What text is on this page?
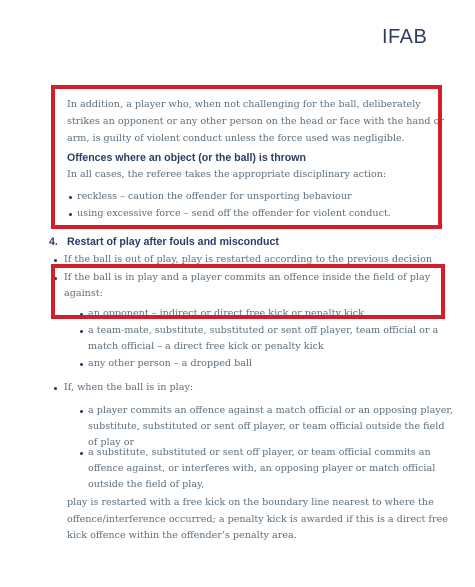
IFAB
In addition, a player who, when not challenging for the ball, deliberately
strikes an opponent or any other person on the head or face with the hand or
arm, is guilty of violent conduct unless the force used was negligible.
Offences where an object (or the ball) is thrown
In all cases, the referee takes the appropriate disciplinary action:
reckless – caution the offender for unsporting behaviour
using excessive force – send off the offender for violent conduct.
4. Restart of play after fouls and misconduct
If the ball is out of play, play is restarted according to the previous decision
If the ball is in play and a player commits an offence inside the field of play
against:
an opponent – indirect or direct free kick or penalty kick
a team-mate, substitute, substituted or sent off player, team official or a
match official – a direct free kick or penalty kick
any other person – a dropped ball
If, when the ball is in play:
a player commits an offence against a match official or an opposing player,
substitute, substituted or sent off player, or team official outside the field
of play or
a substitute, substituted or sent off player, or team official commits an
offence against, or interferes with, an opposing player or match official
outside the field of play,
play is restarted with a free kick on the boundary line nearest to where the
offence/interference occurred; a penalty kick is awarded if this is a direct free
kick offence within the offender’s penalty area.
